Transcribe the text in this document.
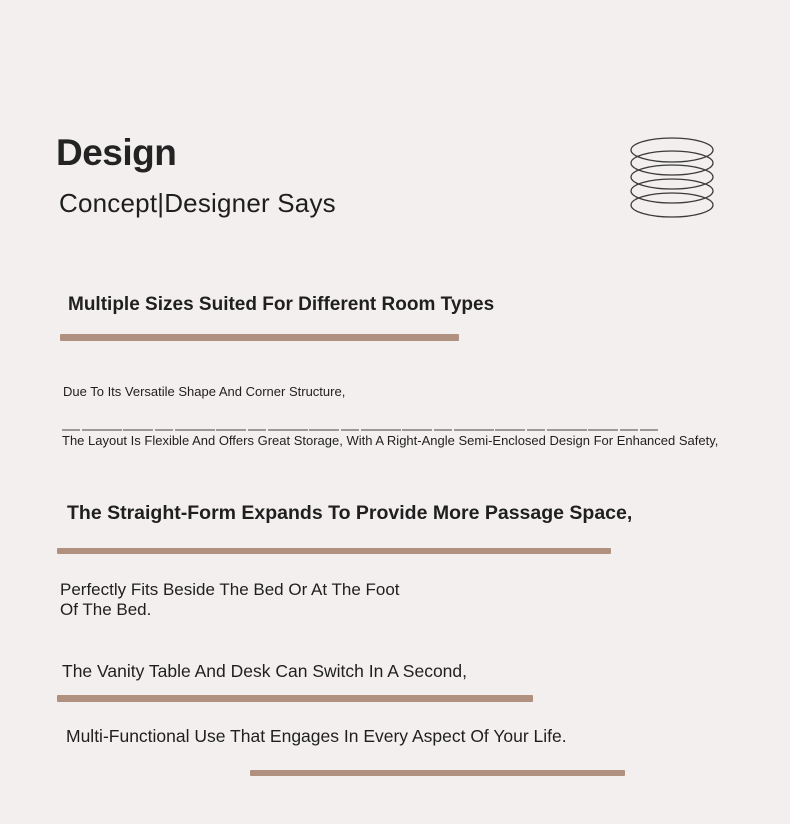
Design
Concept|Designer Says
Multiple Sizes Suited For Different Room Types
Due To Its Versatile Shape And Corner Structure,
The Layout Is Flexible And Offers Great Storage, With A Right-Angle Semi-Enclosed Design For Enhanced Safety,
The Straight-Form Expands To Provide More Passage Space,
Perfectly Fits Beside The Bed Or At The Foot Of The Bed.
The Vanity Table And Desk Can Switch In A Second,
Multi-Functional Use That Engages In Every Aspect Of Your Life.
